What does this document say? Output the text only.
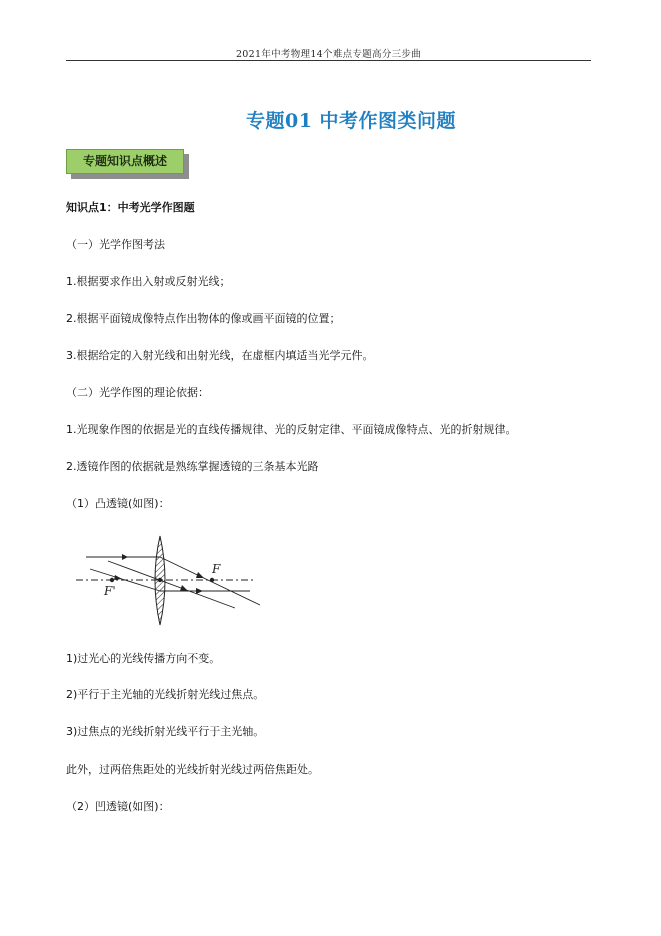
2021年中考物理14个难点专题高分三步曲
专题01 中考作图类问题
专题知识点概述
知识点1：中考光学作图题
（一）光学作图考法
1.根据要求作出入射或反射光线；
2.根据平面镜成像特点作出物体的像或画平面镜的位置；
3.根据给定的入射光线和出射光线，在虚框内填适当光学元件。
（二）光学作图的理论依据：
1.光现象作图的依据是光的直线传播规律、光的反射定律、平面镜成像特点、光的折射规律。
2.透镜作图的依据就是熟练掌握透镜的三条基本光路
（1）凸透镜(如图)：
F
F'
1)过光心的光线传播方向不变。
2)平行于主光轴的光线折射光线过焦点。
3)过焦点的光线折射光线平行于主光轴。
此外，过两倍焦距处的光线折射光线过两倍焦距处。
（2）凹透镜(如图)：
